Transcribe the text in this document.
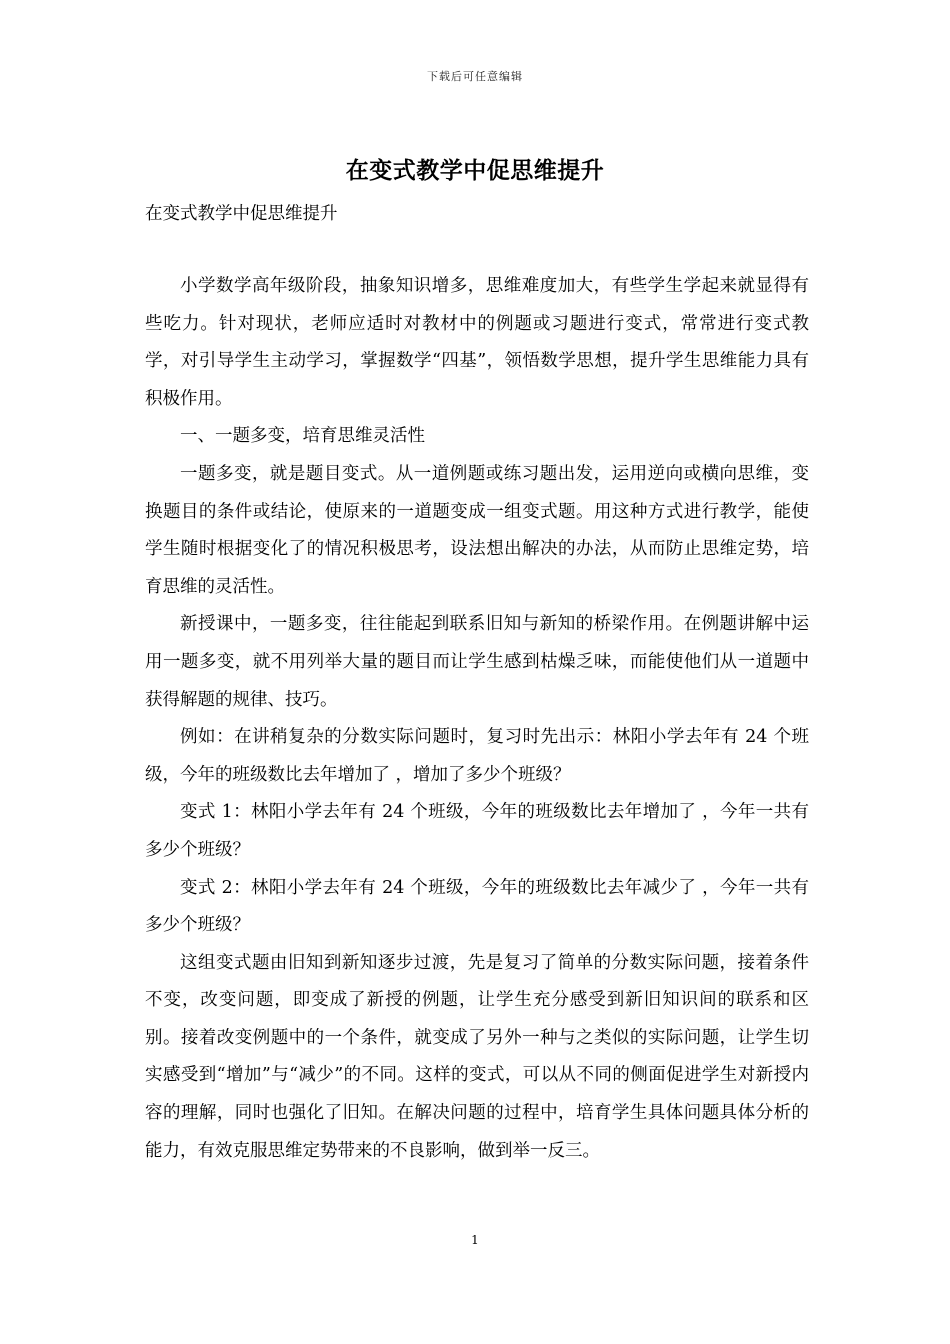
下载后可任意编辑
在变式教学中促思维提升

在变式教学中促思维提升

小学数学高年级阶段，抽象知识增多，思维难度加大，有些学生学起来就显得有些吃力。针对现状，老师应适时对教材中的例题或习题进行变式，常常进行变式教学，对引导学生主动学习，掌握数学“四基”，领悟数学思想，提升学生思维能力具有积极作用。

一、一题多变，培育思维灵活性

一题多变，就是题目变式。从一道例题或练习题出发，运用逆向或横向思维，变换题目的条件或结论，使原来的一道题变成一组变式题。用这种方式进行教学，能使学生随时根据变化了的情况积极思考，设法想出解决的办法，从而防止思维定势，培育思维的灵活性。

新授课中，一题多变，往往能起到联系旧知与新知的桥梁作用。在例题讲解中运用一题多变，就不用列举大量的题目而让学生感到枯燥乏味，而能使他们从一道题中获得解题的规律、技巧。

例如：在讲稍复杂的分数实际问题时，复习时先出示：林阳小学去年有 24 个班级，今年的班级数比去年增加了 ，增加了多少个班级？

变式 1：林阳小学去年有 24 个班级，今年的班级数比去年增加了 ，今年一共有多少个班级？

变式 2：林阳小学去年有 24 个班级，今年的班级数比去年减少了 ，今年一共有多少个班级？

这组变式题由旧知到新知逐步过渡，先是复习了简单的分数实际问题，接着条件不变，改变问题，即变成了新授的例题，让学生充分感受到新旧知识间的联系和区别。接着改变例题中的一个条件，就变成了另外一种与之类似的实际问题，让学生切实感受到“增加”与“减少”的不同。这样的变式，可以从不同的侧面促进学生对新授内容的理解，同时也强化了旧知。在解决问题的过程中，培育学生具体问题具体分析的能力，有效克服思维定势带来的不良影响，做到举一反三。

1
